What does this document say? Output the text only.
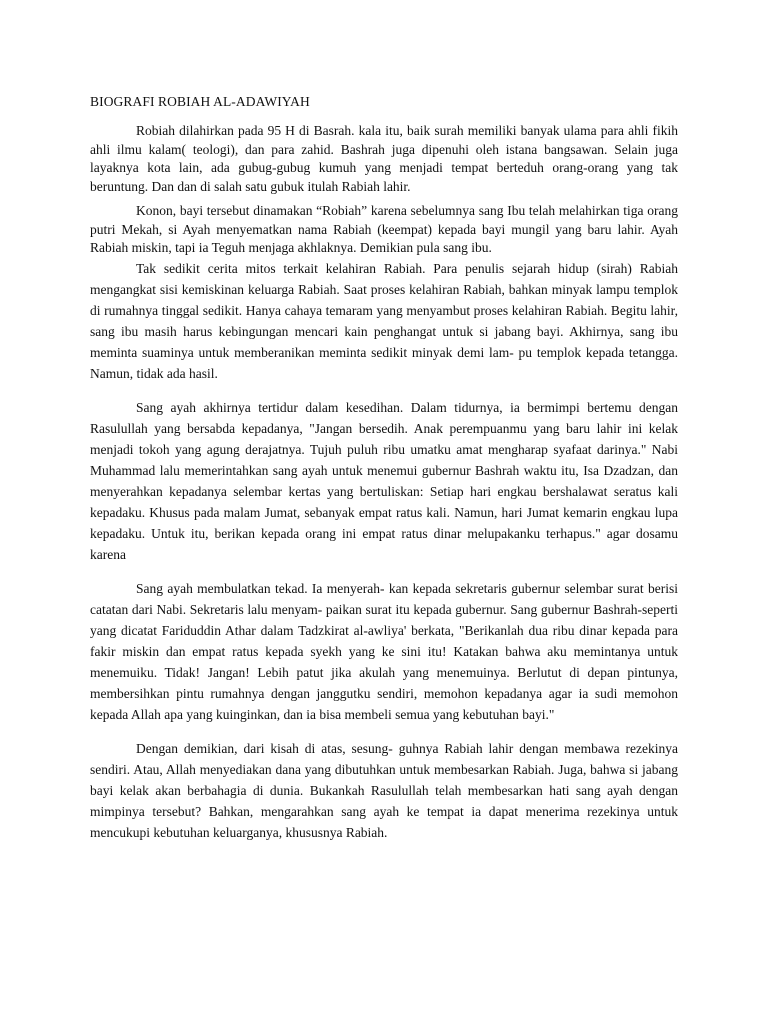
BIOGRAFI ROBIAH AL-ADAWIYAH

Robiah dilahirkan pada 95 H di Basrah. kala itu, baik surah memiliki banyak ulama para ahli fikih ahli ilmu kalam( teologi), dan para zahid. Bashrah juga dipenuhi oleh istana bangsawan. Selain juga layaknya kota lain, ada gubug-gubug kumuh yang menjadi tempat berteduh orang-orang yang tak beruntung. Dan dan di salah satu gubuk itulah Rabiah lahir.

Konon, bayi tersebut dinamakan “Robiah” karena sebelumnya sang Ibu telah melahirkan tiga orang putri Mekah, si Ayah menyematkan nama Rabiah (keempat) kepada bayi mungil yang baru lahir. Ayah Rabiah miskin, tapi ia Teguh menjaga akhlaknya. Demikian pula sang ibu.

Tak sedikit cerita mitos terkait kelahiran Rabiah. Para penulis sejarah hidup (sirah) Rabiah mengangkat sisi kemiskinan keluarga Rabiah. Saat proses kelahiran Rabiah, bahkan minyak lampu templok di rumahnya tinggal sedikit. Hanya cahaya temaram yang menyambut proses kelahiran Rabiah. Begitu lahir, sang ibu masih harus kebingungan mencari kain penghangat untuk si jabang bayi. Akhirnya, sang ibu meminta suaminya untuk memberanikan meminta sedikit minyak demi lam- pu templok kepada tetangga. Namun, tidak ada hasil.

Sang ayah akhirnya tertidur dalam kesedihan. Dalam tidurnya, ia bermimpi bertemu dengan Rasulullah yang bersabda kepadanya, "Jangan bersedih. Anak perempuanmu yang baru lahir ini kelak menjadi tokoh yang agung derajatnya. Tujuh puluh ribu umatku amat mengharap syafaat darinya." Nabi Muhammad lalu memerintahkan sang ayah untuk menemui gubernur Bashrah waktu itu, Isa Dzadzan, dan menyerahkan kepadanya selembar kertas yang bertuliskan: Setiap hari engkau bershalawat seratus kali kepadaku. Khusus pada malam Jumat, sebanyak empat ratus kali. Namun, hari Jumat kemarin engkau lupa kepadaku. Untuk itu, berikan kepada orang ini empat ratus dinar melupakanku terhapus." agar dosamu karena

Sang ayah membulatkan tekad. Ia menyerah- kan kepada sekretaris gubernur selembar surat berisi catatan dari Nabi. Sekretaris lalu menyam- paikan surat itu kepada gubernur. Sang gubernur Bashrah-seperti yang dicatat Fariduddin Athar dalam Tadzkirat al-awliya' berkata, "Berikanlah dua ribu dinar kepada para fakir miskin dan empat ratus kepada syekh yang ke sini itu! Katakan bahwa aku memintanya untuk menemuiku. Tidak! Jangan! Lebih patut jika akulah yang menemuinya. Berlutut di depan pintunya, membersihkan pintu rumahnya dengan janggutku sendiri, memohon kepadanya agar ia sudi memohon kepada Allah apa yang kuinginkan, dan ia bisa membeli semua yang kebutuhan bayi."

Dengan demikian, dari kisah di atas, sesung- guhnya Rabiah lahir dengan membawa rezekinya sendiri. Atau, Allah menyediakan dana yang dibutuhkan untuk membesarkan Rabiah. Juga, bahwa si jabang bayi kelak akan berbahagia di dunia. Bukankah Rasulullah telah membesarkan hati sang ayah dengan mimpinya tersebut? Bahkan, mengarahkan sang ayah ke tempat ia dapat menerima rezekinya untuk mencukupi kebutuhan keluarganya, khususnya Rabiah.
